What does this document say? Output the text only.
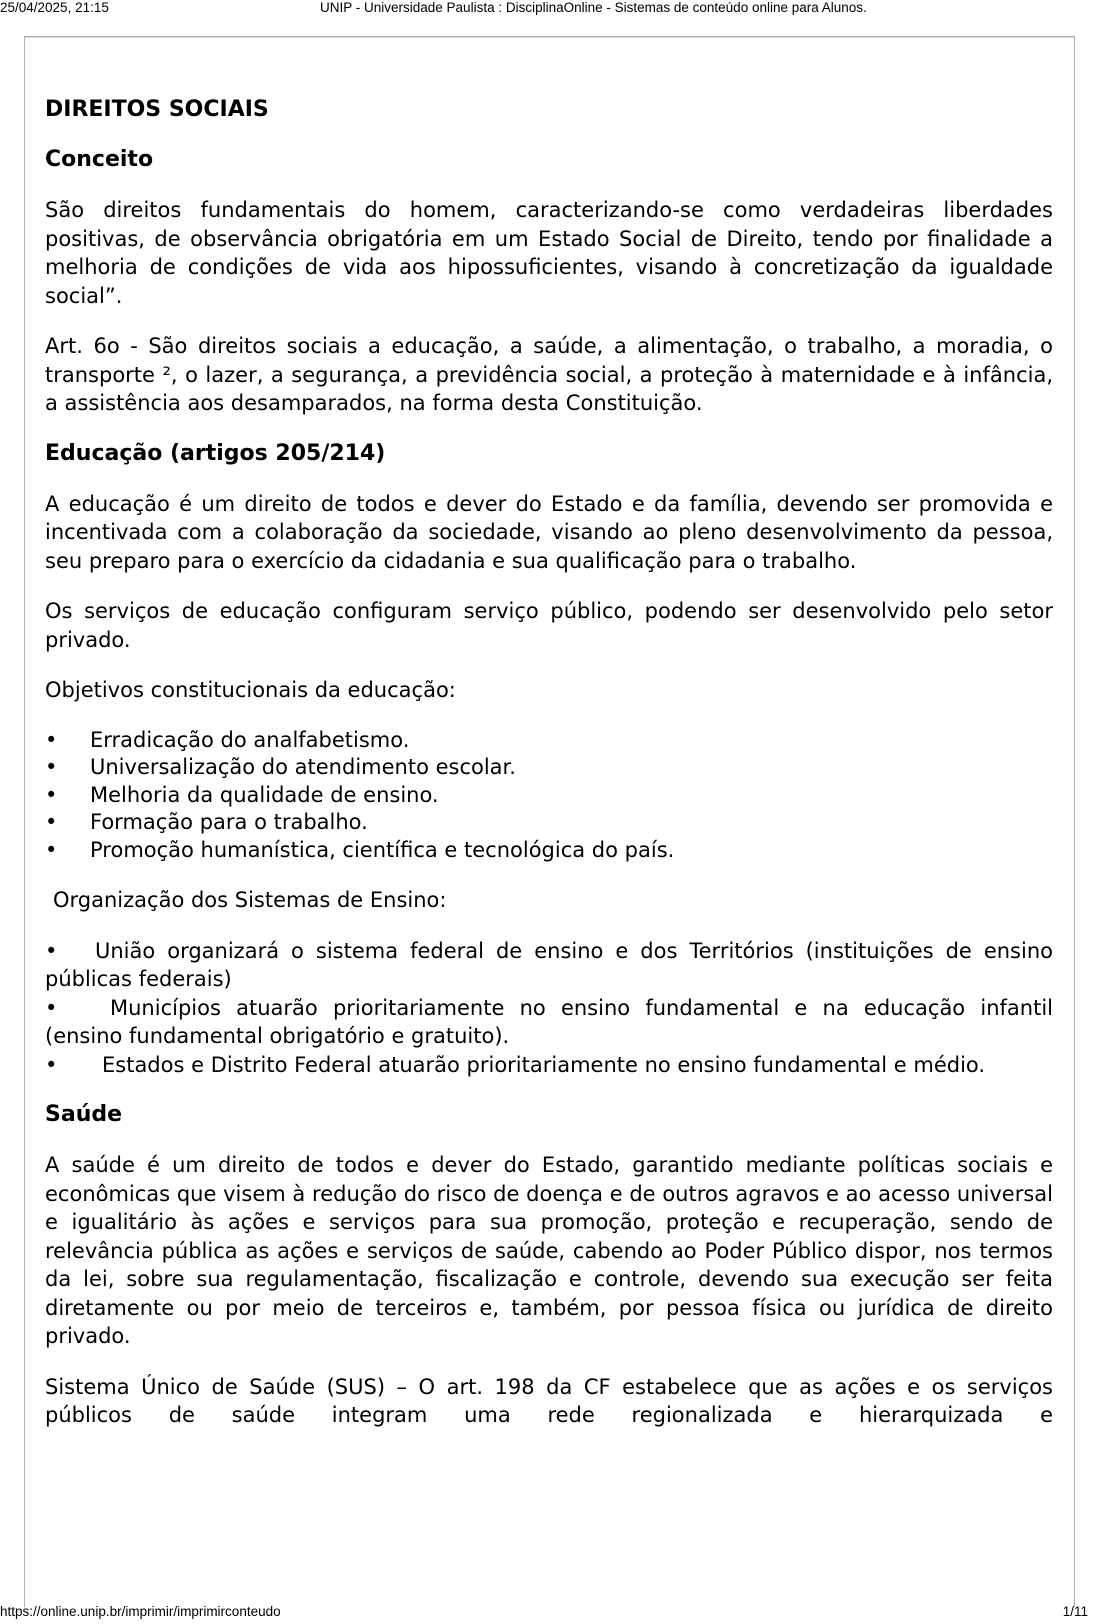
25/04/2025, 21:15	UNIP - Universidade Paulista : DisciplinaOnline - Sistemas de conteúdo online para Alunos.
DIREITOS SOCIAIS
Conceito

São direitos fundamentais do homem, caracterizando-se como verdadeiras liberdades positivas, de observância obrigatória em um Estado Social de Direito, tendo por finalidade a melhoria de condições de vida aos hipossuficientes, visando à concretização da igualdade social”.

Art. 6o - São direitos sociais a educação, a saúde, a alimentação, o trabalho, a moradia, o transporte ², o lazer, a segurança, a previdência social, a proteção à maternidade e à infância, a assistência aos desamparados, na forma desta Constituição.

Educação (artigos 205/214)

A educação é um direito de todos e dever do Estado e da família, devendo ser promovida e incentivada com a colaboração da sociedade, visando ao pleno desenvolvimento da pessoa, seu preparo para o exercício da cidadania e sua qualificação para o trabalho.

Os serviços de educação configuram serviço público, podendo ser desenvolvido pelo setor privado.

Objetivos constitucionais da educação:

• Erradicação do analfabetismo.
• Universalização do atendimento escolar.
• Melhoria da qualidade de ensino.
• Formação para o trabalho.
• Promoção humanística, científica e tecnológica do país.

Organização dos Sistemas de Ensino:

• União organizará o sistema federal de ensino e dos Territórios (instituições de ensino públicas federais)
•	Municípios atuarão prioritariamente no ensino fundamental e na educação infantil (ensino fundamental obrigatório e gratuito).
• Estados e Distrito Federal atuarão prioritariamente no ensino fundamental e médio.
Saúde

A saúde é um direito de todos e dever do Estado, garantido mediante políticas sociais e econômicas que visem à redução do risco de doença e de outros agravos e ao acesso universal e igualitário às ações e serviços para sua promoção, proteção e recuperação, sendo de relevância pública as ações e serviços de saúde, cabendo ao Poder Público dispor, nos termos da lei, sobre sua regulamentação, fiscalização e controle, devendo sua execução ser feita diretamente ou por meio de terceiros e, também, por pessoa física ou jurídica de direito privado.

Sistema Único de Saúde (SUS) – O art. 198 da CF estabelece que as ações e os serviços públicos de saúde integram uma rede regionalizada e hierarquizada e

https://online.unip.br/imprimir/imprimirconteudo	1/11
